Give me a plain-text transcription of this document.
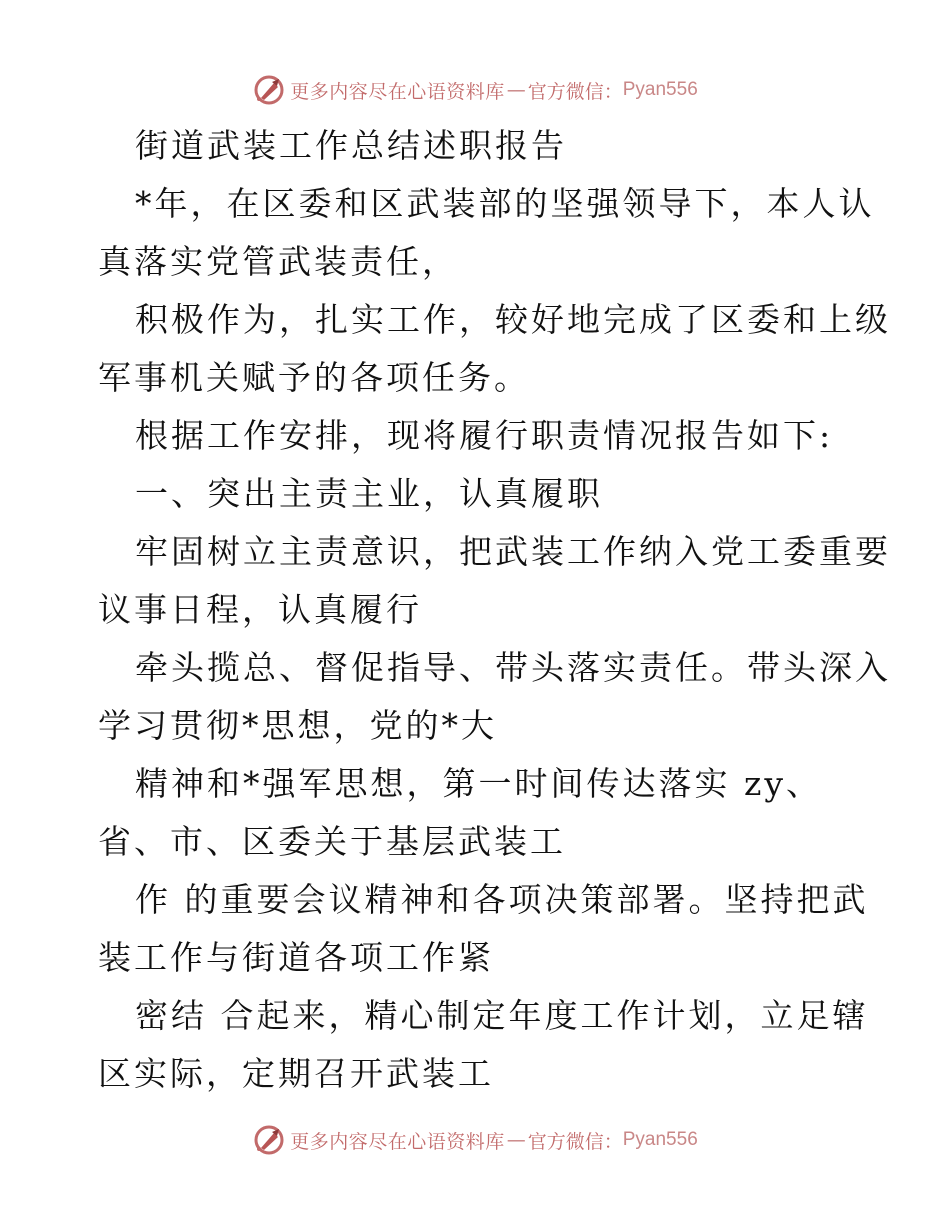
更多内容尽在心语资料库 — 官方微信： Pyan556
街道武装工作总结述职报告
*年，在区委和区武装部的坚强领导下，本人认
真落实党管武装责任，
积极作为，扎实工作，较好地完成了区委和上级
军事机关赋予的各项任务。
根据工作安排，现将履行职责情况报告如下:
一、突出主责主业，认真履职
牢固树立主责意识，把武装工作纳入党工委重要
议事日程，认真履行
牵头揽总、督促指导、带头落实责任。带头深入
学习贯彻*思想，党的*大
精神和*强军思想，第一时间传达落实 zy、
省、市、区委关于基层武装工
作 的重要会议精神和各项决策部署。坚持把武
装工作与街道各项工作紧
密结 合起来，精心制定年度工作计划，立足辖
区实际，定期召开武装工
更多内容尽在心语资料库 — 官方微信： Pyan556
